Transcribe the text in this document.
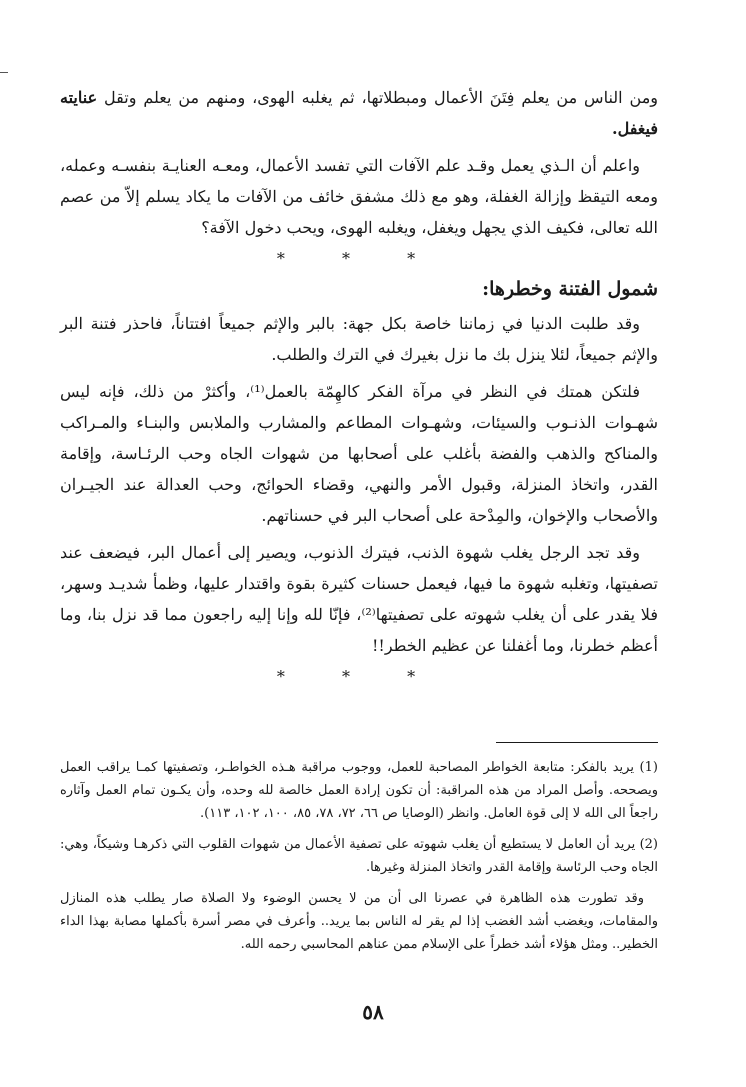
ومن الناس من يعلم فِتَنَ الأعمال ومبطلاتها، ثم يغلبه الهوى، ومنهم من يعلم وتقل عنايته فيغفل.

واعلم أن الـذي يعمل وقـد علم الآفات التي تفسد الأعمال، ومعـه العنايـة بنفسـه وعمله، ومعه التيقظ وإزالة الغفلة، وهو مع ذلك مشفق خائف من الآفات ما يكاد يسلم إلاّ من عصم الله تعالى، فكيف الذي يجهل ويغفل، ويغلبه الهوى، ويحب دخول الآفة؟

* * *
شمول الفتنة وخطرها:

وقد طلبت الدنيا في زماننا خاصة بكل جهة: بالبر والإثم جميعاً افتتاناً، فاحذر فتنة البر والإثم جميعاً، لئلا ينزل بك ما نزل بغيرك في الترك والطلب.

فلتكن همتك في النظر في مرآة الفكر كالهِمّة بالعمل⁽¹⁾، وأكثرْ من ذلك، فإنه ليس شهـوات الذنـوب والسيئات، وشهـوات المطاعم والمشارب والملابس والبنـاء والمـراكب والمناكح والذهب والفضة بأغلب على أصحابها من شهوات الجاه وحب الرئـاسة، وإقامة القدر، واتخاذ المنزلة، وقبول الأمر والنهي، وقضاء الحوائج، وحب العدالة عند الجيـران والأصحاب والإخوان، والمِدْحة على أصحاب البر في حسناتهم.

وقد تجد الرجل يغلب شهوة الذنب، فيترك الذنوب، ويصير إلى أعمال البر، فيضعف عند تصفيتها، وتغلبه شهوة ما فيها، فيعمل حسنات كثيرة بقوة واقتدار عليها، وظمأ شديـد وسهر، فلا يقدر على أن يغلب شهوته على تصفيتها⁽²⁾، فإنّا لله وإنا إليه راجعون مما قد نزل بنا، وما أعظم خطرنا، وما أغفلنا عن عظيم الخطر!!

* * *

(1) يريد بالفكر: متابعة الخواطر المصاحبة للعمل، ووجوب مراقبة هـذه الخواطـر، وتصفيتها كمـا يراقب العمل ويصححه. وأصل المراد من هذه المراقبة: أن تكون إرادة العمل خالصة لله وحده، وأن يكـون تمام العمل وآثاره راجعاً الى الله لا إلى قوة العامل. وانظر (الوصايا ص ٦٦، ٧٢، ٧٨، ٨٥، ١٠٠، ١٠٢، ١١٣).

(2) يريد أن العامل لا يستطيع أن يغلب شهوته على تصفية الأعمال من شهوات القلوب التي ذكرهـا وشيكاً، وهي: الجاه وحب الرئاسة وإقامة القدر واتخاذ المنزلة وغيرها.

وقد تطورت هذه الظاهرة في عصرنا الى أن من لا يحسن الوضوء ولا الصلاة صار يطلب هذه المنازل والمقامات، ويغضب أشد الغضب إذا لم يقر له الناس بما يريد.. وأعرف في مصر أسرة بأكملها مصابة بهذا الداء الخطير.. ومثل هؤلاء أشد خطراً على الإسلام ممن عناهم المحاسبي رحمه الله.

٥٨
